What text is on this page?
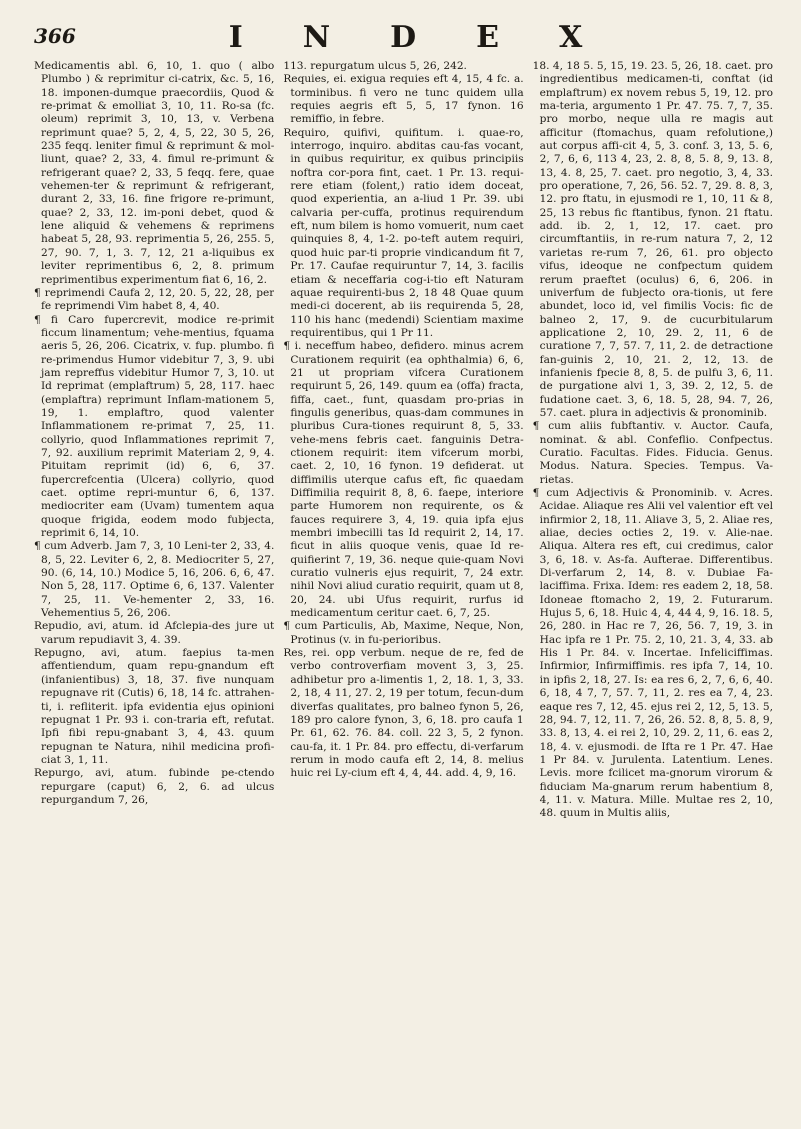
366	INDEX

Medicamentis abl. 6, 10, 1. quo ( albo Plumbo ) & reprimitur ci-catrix, &c. 5, 16, 18. imponen-dumque praecordiis, Quod & re-primat & emolliat 3, 10, 11. Ro-sa (fc. oleum) reprimit 3, 10, 13, v. Verbena reprimunt quae? 5, 2, 4, 5, 22, 30 5, 26, 235 feqq. leniter fimul & reprimunt & mol-liunt, quae? 2, 33, 4. fimul re-primunt & refrigerant quae? 2, 33, 5 feqq. fere, quae vehemen-ter & reprimunt & refrigerant, durant 2, 33, 16. fine frigore re-primunt, quae? 2, 33, 12. im-poni debet, quod & lene aliquid & vehemens & reprimens habeat 5, 28, 93. reprimentia 5, 26, 255. 5, 27, 90. 7, 1, 3. 7, 12, 21 a-liquibus ex leviter reprimentibus 6, 2, 8. primum reprimentibus experimentum fiat 6, 16, 2.

¶ reprimendi Caufa 2, 12, 20. 5, 22, 28, per fe reprimendi Vim habet 8, 4, 40.

¶ fi Caro fupercrevit, modice re-primit ficcum linamentum; vehe-mentius, fquama aeris 5, 26, 206. Cicatrix, v. fup. plumbo. fi re-primendus Humor videbitur 7, 3, 9. ubi jam repreffus videbitur Humor 7, 3, 10. ut Id reprimat (emplaftrum) 5, 28, 117. haec (emplaftra) reprimunt Inflam-mationem 5, 19, 1. emplaftro, quod valenter Inflammationem re-primat 7, 25, 11. collyrio, quod Inflammationes reprimit 7, 7, 92. auxilium reprimit Materiam 2, 9, 4. Pituitam reprimit (id) 6, 6, 37. fupercrefcentia (Ulcera) collyrio, quod caet. optime repri-muntur 6, 6, 137. mediocriter eam (Uvam) tumentem aqua quoque frigida, eodem modo fubjecta, reprimit 6, 14, 10.

¶ cum Adverb. Jam 7, 3, 10 Leni-ter 2, 33, 4. 8, 5, 22. Leviter 6, 2, 8. Mediocriter 5, 27, 90. (6, 14, 10.) Modice 5, 16, 206. 6, 6, 47. Non 5, 28, 117. Optime 6, 6, 137. Valenter 7, 25, 11. Ve-hementer 2, 33, 16. Vehementius 5, 26, 206.

Repudio, avi, atum. id Afclepia-des jure ut varum repudiavit 3, 4. 39.

Repugno, avi, atum. faepius ta-men affentiendum, quam repu-gnandum eft (infanientibus) 3, 18, 37. five nunquam repugnave rit (Cutis) 6, 18, 14 fc. attrahen-ti, i. refliterit. ipfa evidentia ejus opinioni repugnat 1 Pr. 93 i. con-traria eft, refutat. Ipfi fibi repu-gnabant 3, 4, 43. quum repugnan te Natura, nihil medicina profi-ciat 3, 1, 11.

Repurgo, avi, atum. fubinde pe-ctendo repurgare (caput) 6, 2, 6. ad ulcus repurgandum 7, 26,

113. repurgatum ulcus 5, 26, 242.

Requies, ei. exigua requies eft 4, 15, 4 fc. a. torminibus. fi vero ne tunc quidem ulla requies aegris eft 5, 5, 17 fynon. 16 remiffio, in febre.

Requiro, quifivi, quifitum. i. quae-ro, interrogo, inquiro. abditas cau-fas vocant, in quibus requiritur, ex quibus principiis noftra cor-pora fint, caet. 1 Pr. 13. requi-rere etiam (folent,) ratio idem doceat, quod experientia, an a-liud 1 Pr. 39. ubi calvaria per-cuffa, protinus requirendum eft, num bilem is homo vomuerit, num caet quinquies 8, 4, 1-2. po-teft autem requiri, quod huic par-ti proprie vindicandum fit 7, Pr. 17. Caufae requiruntur 7, 14, 3. facilis etiam & neceffaria cog-i-tio eft Naturam aquae requirenti-bus 2, 18 48 Quae quum medi-ci docerent, ab iis requirenda 5, 28, 110 his hanc (medendi) Scientiam maxime requirentibus, qui 1 Pr 11.

¶ i. neceffum habeo, defidero. minus acrem Curationem requirit (ea ophthalmia) 6, 6, 21 ut propriam vifcera Curationem requirunt 5, 26, 149. quum ea (offa) fracta, fiffa, caet., funt, quasdam pro-prias in fingulis generibus, quas-dam communes in pluribus Cura-tiones requirunt 8, 5, 33. vehe-mens febris caet. fanguinis Detra-ctionem requirit: item vifcerum morbi, caet. 2, 10, 16 fynon. 19 defiderat. ut diffimilis uterque cafus eft, fic quaedam Diffimilia requirit 8, 8, 6. faepe, interiore parte Humorem non requirente, os & fauces requirere 3, 4, 19. quia ipfa ejus membri imbecilli tas Id requirit 2, 14, 17. ficut in aliis quoque venis, quae Id re-quifierint 7, 19, 36. neque quie-quam Novi curatio vulneris ejus requirit, 7, 24 extr. nihil Novi aliud curatio requirit, quam ut 8, 20, 24. ubi Ufus requirit, rurfus id medicamentum ceritur caet. 6, 7, 25.

¶ cum Particulis, Ab, Maxime, Neque, Non, Protinus (v. in fu-perioribus.

Res, rei. opp verbum. neque de re, fed de verbo controverfiam movent 3, 3, 25. adhibetur pro a-limentis 1, 2, 18. 1, 3, 33. 2, 18, 4 11, 27. 2, 19 per totum, fecun-dum diverfas qualitates, pro balneo fynon 5, 26, 189 pro calore fynon, 3, 6, 18. pro caufa 1 Pr. 61, 62. 76. 84. coll. 22 3, 5, 2 fynon. cau-fa, it. 1 Pr. 84. pro effectu, di-verfarum rerum in modo caufa eft 2, 14, 8. melius huic rei Ly-cium eft 4, 4, 44. add. 4, 9, 16.

18. 4, 18 5. 5, 15, 19. 23. 5, 26, 18. caet. pro ingredientibus medicamen-ti, conftat (id emplaftrum) ex novem rebus 5, 19, 12. pro ma-teria, argumento 1 Pr. 47. 75. 7, 7, 35. pro morbo, neque ulla re magis aut afficitur (ftomachus, quam refolutione,) aut corpus affi-cit 4, 5, 3. conf. 3, 13, 5. 6, 2, 7, 6, 6, 113 4, 23, 2. 8, 8, 5. 8, 9, 13. 8, 13, 4. 8, 25, 7. caet. pro negotio, 3, 4, 33. pro operatione, 7, 26, 56. 52. 7, 29. 8. 8, 3, 12. pro ftatu, in ejusmodi re 1, 10, 11 & 8, 25, 13 rebus fic ftantibus, fynon. 21 ftatu. add. ib. 2, 1, 12, 17. caet. pro circumftantiis, in re-rum natura 7, 2, 12 varietas re-rum 7, 26, 61. pro objecto vifus, ideoque ne confpectum quidem rerum praeftet (oculus) 6, 6, 206. in univerfum de fubjecto ora-tionis, ut fere abundet, loco id, vel fimilis Vocis: fic de balneo 2, 17, 9. de cucurbitularum applicatione 2, 10, 29. 2, 11, 6 de curatione 7, 7, 57. 7, 11, 2. de detractione fan-guinis 2, 10, 21. 2, 12, 13. de infanienis fpecie 8, 8, 5. de pulfu 3, 6, 11. de purgatione alvi 1, 3, 39. 2, 12, 5. de fudatione caet. 3, 6, 18. 5, 28, 94. 7, 26, 57. caet. plura in adjectivis & pronominib.

¶ cum aliis fubftantiv. v. Auctor. Caufa, nominat. & abl. Confeflio. Confpectus. Curatio. Facultas. Fides. Fiducia. Genus. Modus. Natura. Species. Tempus. Va-rietas.

¶ cum Adjectivis & Pronominib. v. Acres. Acidae. Aliaque res Alii vel valentior eft vel infirmior 2, 18, 11. Aliave 3, 5, 2. Aliae res, aliae, decies octies 2, 19. v. Alie-nae. Aliqua. Altera res eft, cui credimus, calor 3, 6, 18. v. As-fa. Aufterae. Differentibus. Di-verfarum 2, 14, 8. v. Dubiae Fa-laciffima. Frixa. Idem: res eadem 2, 18, 58. Idoneae ftomacho 2, 19, 2. Futurarum. Hujus 5, 6, 18. Huic 4, 4, 44 4, 9, 16. 18. 5, 26, 280. in Hac re 7, 26, 56. 7, 19, 3. in Hac ipfa re 1 Pr. 75. 2, 10, 21. 3, 4, 33. ab His 1 Pr. 84. v. Incertae. Infeliciffimas. Infirmior, Infirmiffimis. res ipfa 7, 14, 10. in ipfis 2, 18, 27. Is: ea res 6, 2, 7, 6, 6, 40. 6, 18, 4 7, 7, 57. 7, 11, 2. res ea 7, 4, 23. eaque res 7, 12, 45. ejus rei 2, 12, 5, 13. 5, 28, 94. 7, 12, 11. 7, 26, 26. 52. 8, 8, 5. 8, 9, 33. 8, 13, 4. ei rei 2, 10, 29. 2, 11, 6. eas 2, 18, 4. v. ejusmodi. de Ifta re 1 Pr. 47. Hae 1 Pr 84. v. Jurulenta. Latentium. Lenes. Levis. more fcilicet ma-gnorum virorum & fiduciam Ma-gnarum rerum habentium 8, 4, 11. v. Matura. Mille. Multae res 2, 10, 48. quum in Multis aliis,
